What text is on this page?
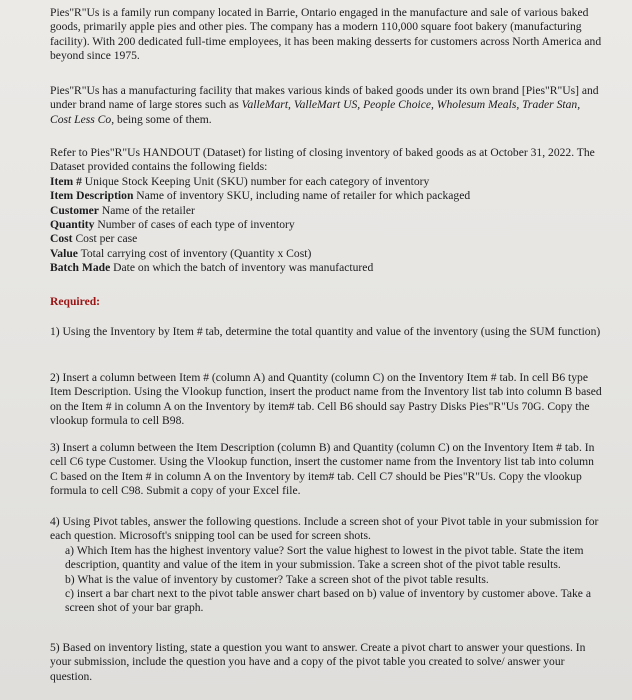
Pies"R"Us is a family run company located in Barrie, Ontario engaged in the manufacture and sale of various baked goods, primarily apple pies and other pies. The company has a modern 110,000 square foot bakery (manufacturing facility). With 200 dedicated full-time employees, it has been making desserts for customers across North America and beyond since 1975.

Pies"R"Us has a manufacturing facility that makes various kinds of baked goods under its own brand [Pies"R"Us] and under brand name of large stores such as ValleMart, ValleMart US, People Choice, Wholesum Meals, Trader Stan, Cost Less Co, being some of them.

Refer to Pies"R"Us HANDOUT (Dataset) for listing of closing inventory of baked goods as at October 31, 2022. The Dataset provided contains the following fields:

Item # Unique Stock Keeping Unit (SKU) number for each category of inventory

Item Description Name of inventory SKU, including name of retailer for which packaged

Customer Name of the retailer

Quantity Number of cases of each type of inventory

Cost Cost per case

Value Total carrying cost of inventory (Quantity x Cost)

Batch Made Date on which the batch of inventory was manufactured

Required:

1) Using the Inventory by Item # tab, determine the total quantity and value of the inventory (using the SUM function)

2) Insert a column between Item # (column A) and Quantity (column C) on the Inventory Item # tab. In cell B6 type Item Description. Using the Vlookup function, insert the product name from the Inventory list tab into column B based on the Item # in column A on the Inventory by item# tab. Cell B6 should say Pastry Disks Pies"R"Us 70G. Copy the vlookup formula to cell B98.

3) Insert a column between the Item Description (column B) and Quantity (column C) on the Inventory Item # tab. In cell C6 type Customer. Using the Vlookup function, insert the customer name from the Inventory list tab into column C based on the Item # in column A on the Inventory by item# tab. Cell C7 should be Pies"R"Us. Copy the vlookup formula to cell C98. Submit a copy of your Excel file.

4) Using Pivot tables, answer the following questions. Include a screen shot of your Pivot table in your submission for each question. Microsoft's snipping tool can be used for screen shots.

a) Which Item has the highest inventory value? Sort the value highest to lowest in the pivot table. State the item description, quantity and value of the item in your submission. Take a screen shot of the pivot table results.

b) What is the value of inventory by customer? Take a screen shot of the pivot table results.

c) insert a bar chart next to the pivot table answer chart based on b) value of inventory by customer above. Take a screen shot of your bar graph.

5) Based on inventory listing, state a question you want to answer. Create a pivot chart to answer your questions. In your submission, include the question you have and a copy of the pivot table you created to solve/ answer your question.
